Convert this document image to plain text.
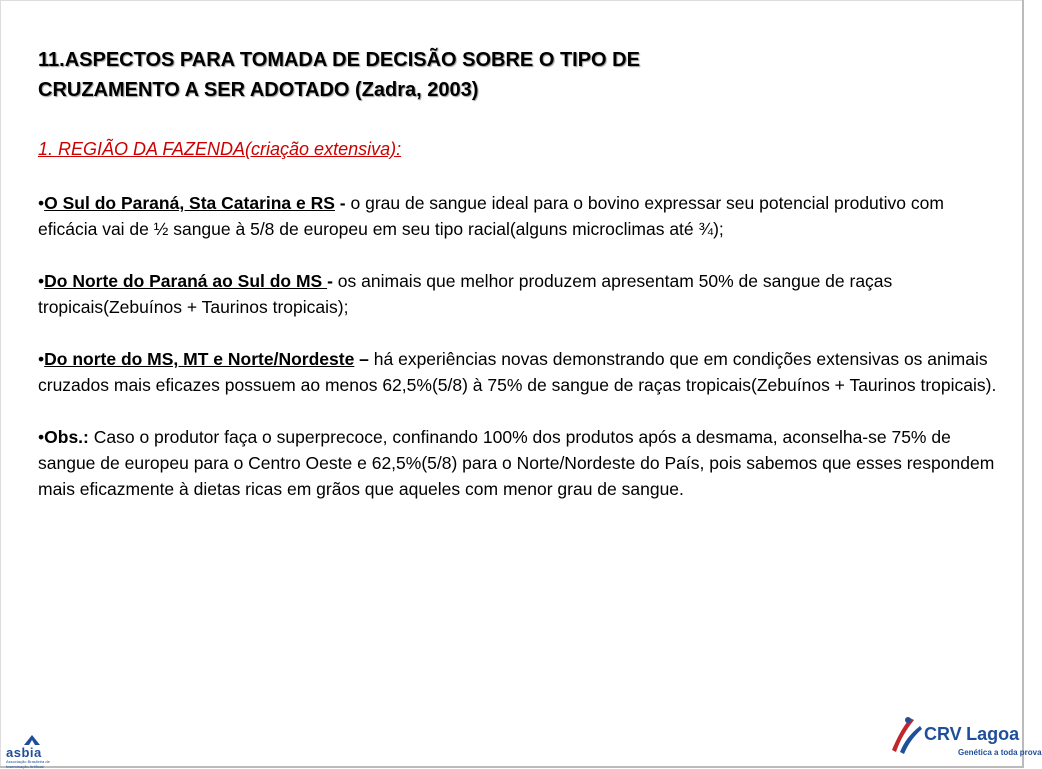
11.ASPECTOS PARA TOMADA DE DECISÃO SOBRE O TIPO DE
CRUZAMENTO A SER ADOTADO (Zadra, 2003)
1. REGIÃO DA FAZENDA(criação extensiva):

•O Sul do Paraná, Sta Catarina e RS - o grau de sangue ideal para o bovino expressar seu potencial produtivo com eficácia vai de ½ sangue à 5/8 de europeu em seu tipo racial(alguns microclimas até ¾);

•Do Norte do Paraná ao Sul do MS - os animais que melhor produzem apresentam 50% de sangue de raças tropicais(Zebuínos + Taurinos tropicais);

•Do norte do MS, MT e Norte/Nordeste – há experiências novas demonstrando que em condições extensivas os animais cruzados mais eficazes possuem ao menos 62,5%(5/8) à 75% de sangue de raças tropicais(Zebuínos + Taurinos tropicais).

•Obs.: Caso o produtor faça o superprecoce, confinando 100% dos produtos após a desmama, aconselha-se 75% de sangue de europeu para o Centro Oeste e 62,5%(5/8) para o Norte/Nordeste do País, pois sabemos que esses respondem mais eficazmente à dietas ricas em grãos que aqueles com menor grau de sangue.

asbia
Associação Brasileira de Inseminação Artificial
CRV Lagoa
Genética a toda prova
